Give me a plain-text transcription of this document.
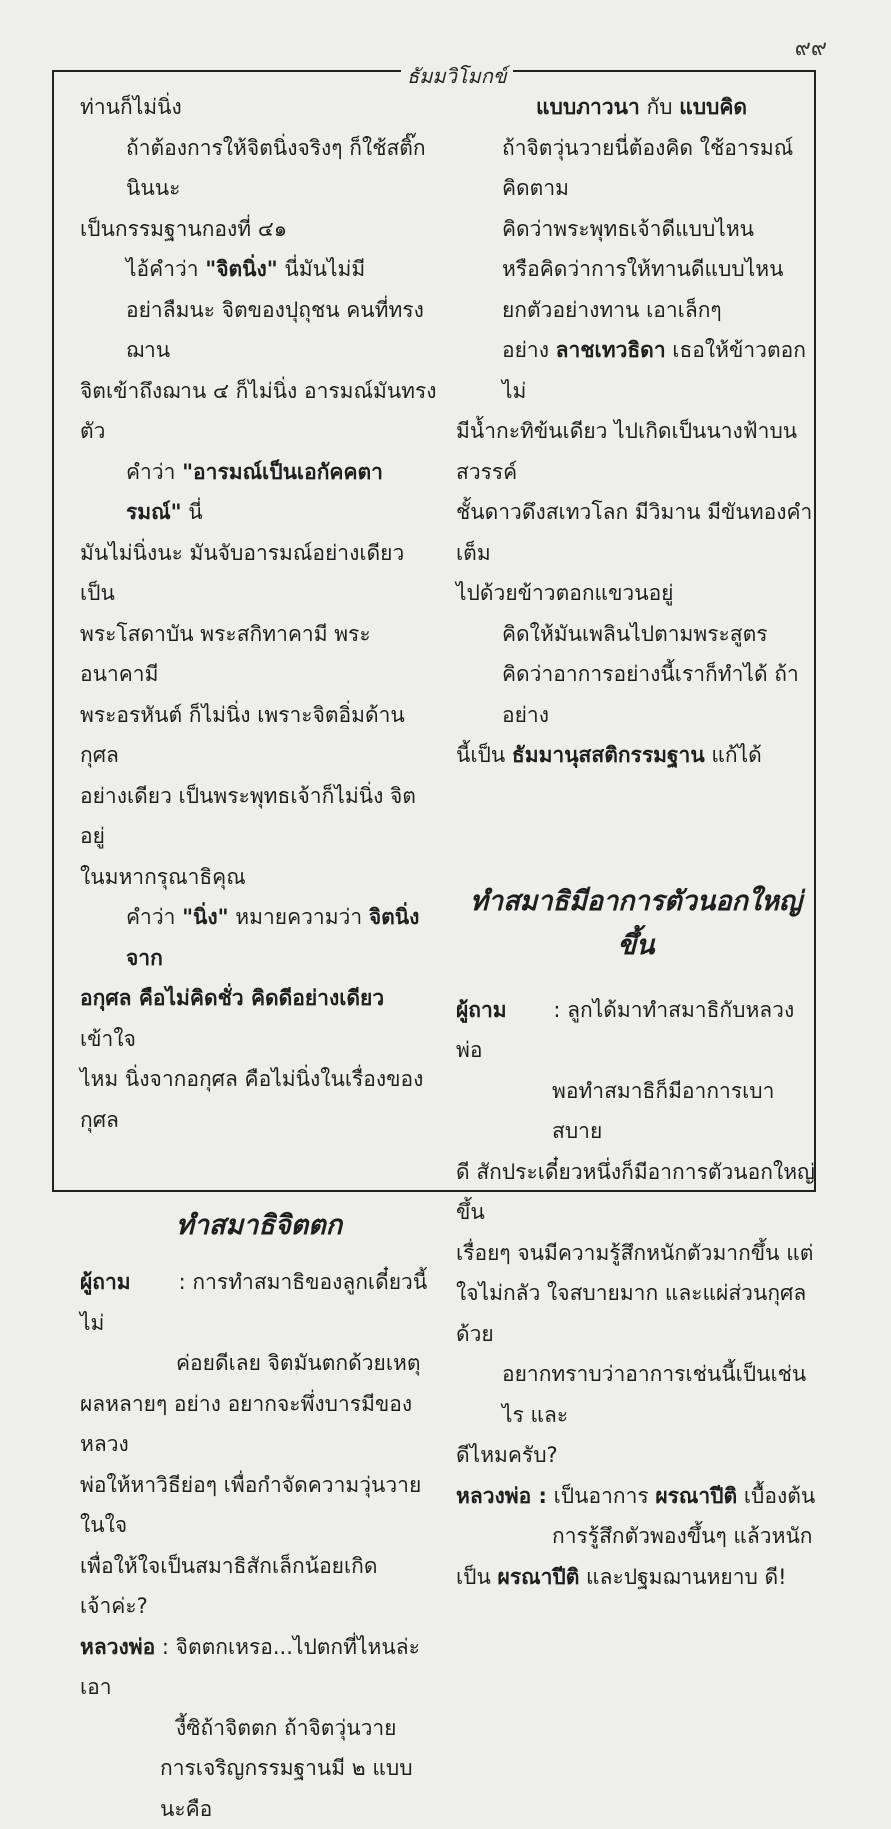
๙๙
ธัมมวิโมกข์

ท่านก็ไม่นิ่ง

ถ้าต้องการให้จิตนิ่งจริงๆ ก็ใช้สติ๊กนินนะ

เป็นกรรมฐานกองที่ ๔๑

ไอ้คำว่า "จิตนิ่ง" นี่มันไม่มี

อย่าลืมนะ จิตของปุถุชน คนที่ทรงฌาน

จิตเข้าถึงฌาน ๔ ก็ไม่นิ่ง อารมณ์มันทรง

ตัว

คำว่า "อารมณ์เป็นเอกัคคตารมณ์" นี่

มันไม่นิ่งนะ มันจับอารมณ์อย่างเดียว เป็น

พระโสดาบัน พระสกิทาคามี พระอนาคามี

พระอรหันต์ ก็ไม่นิ่ง เพราะจิตอิ่มด้านกุศล

อย่างเดียว เป็นพระพุทธเจ้าก็ไม่นิ่ง จิตอยู่

ในมหากรุณาธิคุณ

คำว่า "นิ่ง" หมายความว่า จิตนิ่งจาก

อกุศล คือไม่คิดชั่ว คิดดีอย่างเดียว เข้าใจ

ไหม นิ่งจากอกุศล คือไม่นิ่งในเรื่องของกุศล

ทำสมาธิจิตตก

ผู้ถาม : การทำสมาธิของลูกเดี๋ยวนี้ไม่

ค่อยดีเลย จิตมันตกด้วยเหตุ

ผลหลายๆ อย่าง อยากจะพึ่งบารมีของหลวง

พ่อให้หาวิธีย่อๆ เพื่อกำจัดความวุ่นวายในใจ

เพื่อให้ใจเป็นสมาธิสักเล็กน้อยเกิดเจ้าค่ะ?

หลวงพ่อ : จิตตกเหรอ...ไปตกที่ไหนล่ะ เอา

งี้ซิถ้าจิตตก ถ้าจิตวุ่นวาย

การเจริญกรรมฐานมี ๒ แบบนะคือ

แบบภาวนา กับ แบบคิด

ถ้าจิตวุ่นวายนี่ต้องคิด ใช้อารมณ์คิดตาม

คิดว่าพระพุทธเจ้าดีแบบไหน

หรือคิดว่าการให้ทานดีแบบไหน

ยกตัวอย่างทาน เอาเล็กๆ

อย่าง ลาชเทวธิดา เธอให้ข้าวตอกไม่

มีน้ำกะทิข้นเดียว ไปเกิดเป็นนางฟ้าบนสวรรค์

ชั้นดาวดึงสเทวโลก มีวิมาน มีขันทองคำเต็ม

ไปด้วยข้าวตอกแขวนอยู่

คิดให้มันเพลินไปตามพระสูตร

คิดว่าอาการอย่างนี้เราก็ทำได้ ถ้าอย่าง

นี้เป็น ธัมมานุสสติกรรมฐาน แก้ได้

ทำสมาธิมีอาการตัวนอกใหญ่ขึ้น

ผู้ถาม : ลูกได้มาทำสมาธิกับหลวงพ่อ

พอทำสมาธิก็มีอาการเบาสบาย

ดี สักประเดี๋ยวหนึ่งก็มีอาการตัวนอกใหญ่ขึ้น

เรื่อยๆ จนมีความรู้สึกหนักตัวมากขึ้น แต่

ใจไม่กลัว ใจสบายมาก และแผ่ส่วนกุศลด้วย

อยากทราบว่าอาการเช่นนี้เป็นเช่นไร และ

ดีไหมครับ?

หลวงพ่อ : เป็นอาการ ผรณาปีติ เบื้องต้น

การรู้สึกตัวพองขึ้นๆ แล้วหนัก

เป็น ผรณาปีติ และปฐมฌานหยาบ ดี!
